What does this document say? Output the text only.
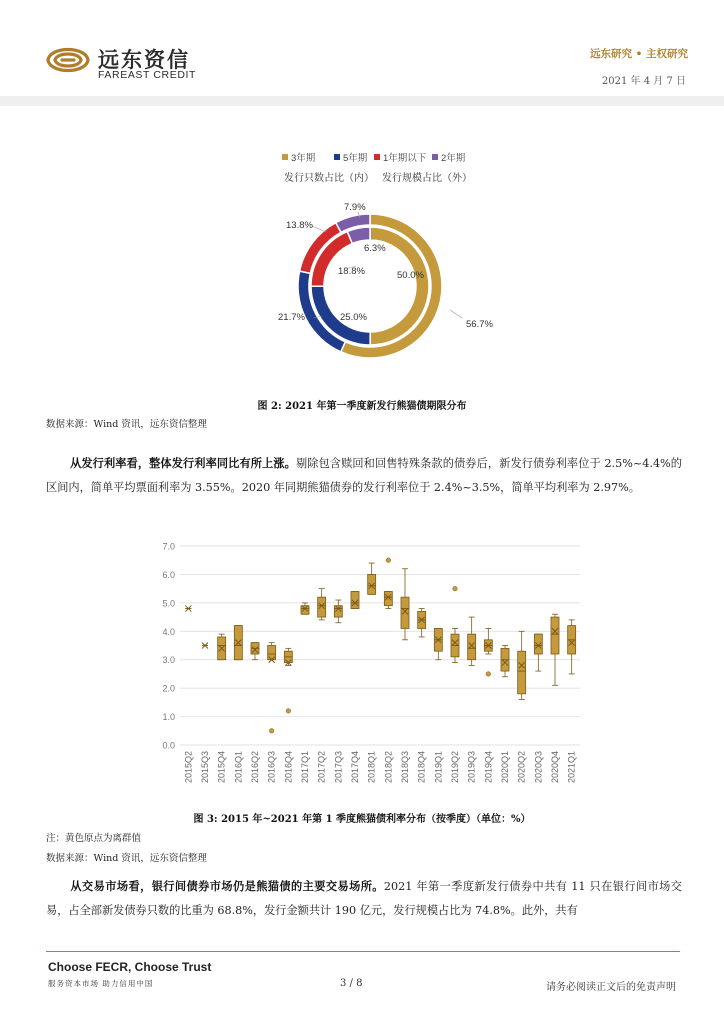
远东资信
FAREAST CREDIT
远东研究 • 主权研究
2021 年 4 月 7 日
3年期	5年期 1年期以下 2年期
发行只数占比（内） 发行规模占比（外）
50.0%
25.0%
18.8%
6.3%
56.7%
21.7%
13.8%
7.9%
图 2: 2021 年第一季度新发行熊猫债期限分布
数据来源：Wind 资讯，远东资信整理
从发行利率看，整体发行利率同比有所上涨。剔除包含赎回和回售特殊条款的债券后，新发行债券利率位于 2.5%~4.4%的区间内，简单平均票面利率为 3.55%。2020 年同期熊猫债券的发行利率位于 2.4%~3.5%，简单平均利率为 2.97%。
0.0
1.0
2.0
3.0
4.0
5.0
6.0
7.0
2015Q2 2015Q3 2015Q4 2016Q1 2016Q2 2016Q3 2016Q4 2017Q1 2017Q2 2017Q3 2017Q4 2018Q1 2018Q2 2018Q3 2018Q4 2019Q1 2019Q2 2019Q3 2019Q4 2020Q1 2020Q2 2020Q3 2020Q4 2021Q1
图 3: 2015 年~2021 年第 1 季度熊猫债利率分布（按季度）（单位：%）
注：黄色原点为离群值
数据来源：Wind 资讯，远东资信整理
从交易市场看，银行间债券市场仍是熊猫债的主要交易场所。2021 年第一季度新发行债券中共有 11 只在银行间市场交易，占全部新发债券只数的比重为 68.8%，发行金额共计 190 亿元，发行规模占比为 74.8%。此外，共有
Choose FECR, Choose Trust
服务资本市场 助力信用中国	3 / 8	请务必阅读正文后的免责声明
